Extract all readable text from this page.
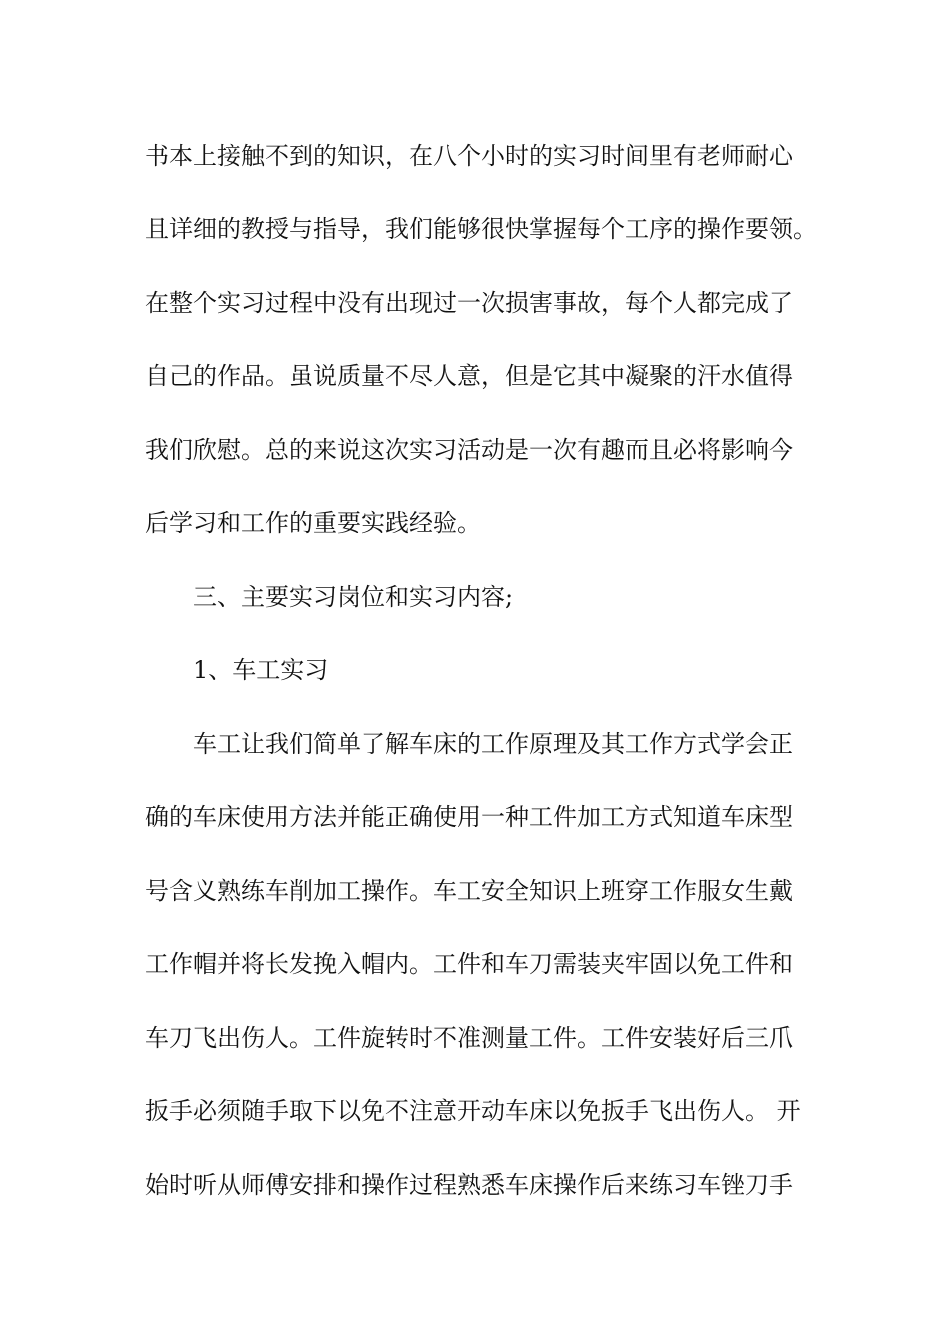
书本上接触不到的知识，在八个小时的实习时间里有老师耐心
且详细的教授与指导，我们能够很快掌握每个工序的操作要领。
在整个实习过程中没有出现过一次损害事故，每个人都完成了
自己的作品。虽说质量不尽人意，但是它其中凝聚的汗水值得
我们欣慰。总的来说这次实习活动是一次有趣而且必将影响今
后学习和工作的重要实践经验。
三、主要实习岗位和实习内容;
1、车工实习
车工让我们简单了解车床的工作原理及其工作方式学会正
确的车床使用方法并能正确使用一种工件加工方式知道车床型
号含义熟练车削加工操作。车工安全知识上班穿工作服女生戴
工作帽并将长发挽入帽内。工件和车刀需装夹牢固以免工件和
车刀飞出伤人。工件旋转时不准测量工件。工件安装好后三爪
扳手必须随手取下以免不注意开动车床以免扳手飞出伤人。 开
始时听从师傅安排和操作过程熟悉车床操作后来练习车锉刀手
